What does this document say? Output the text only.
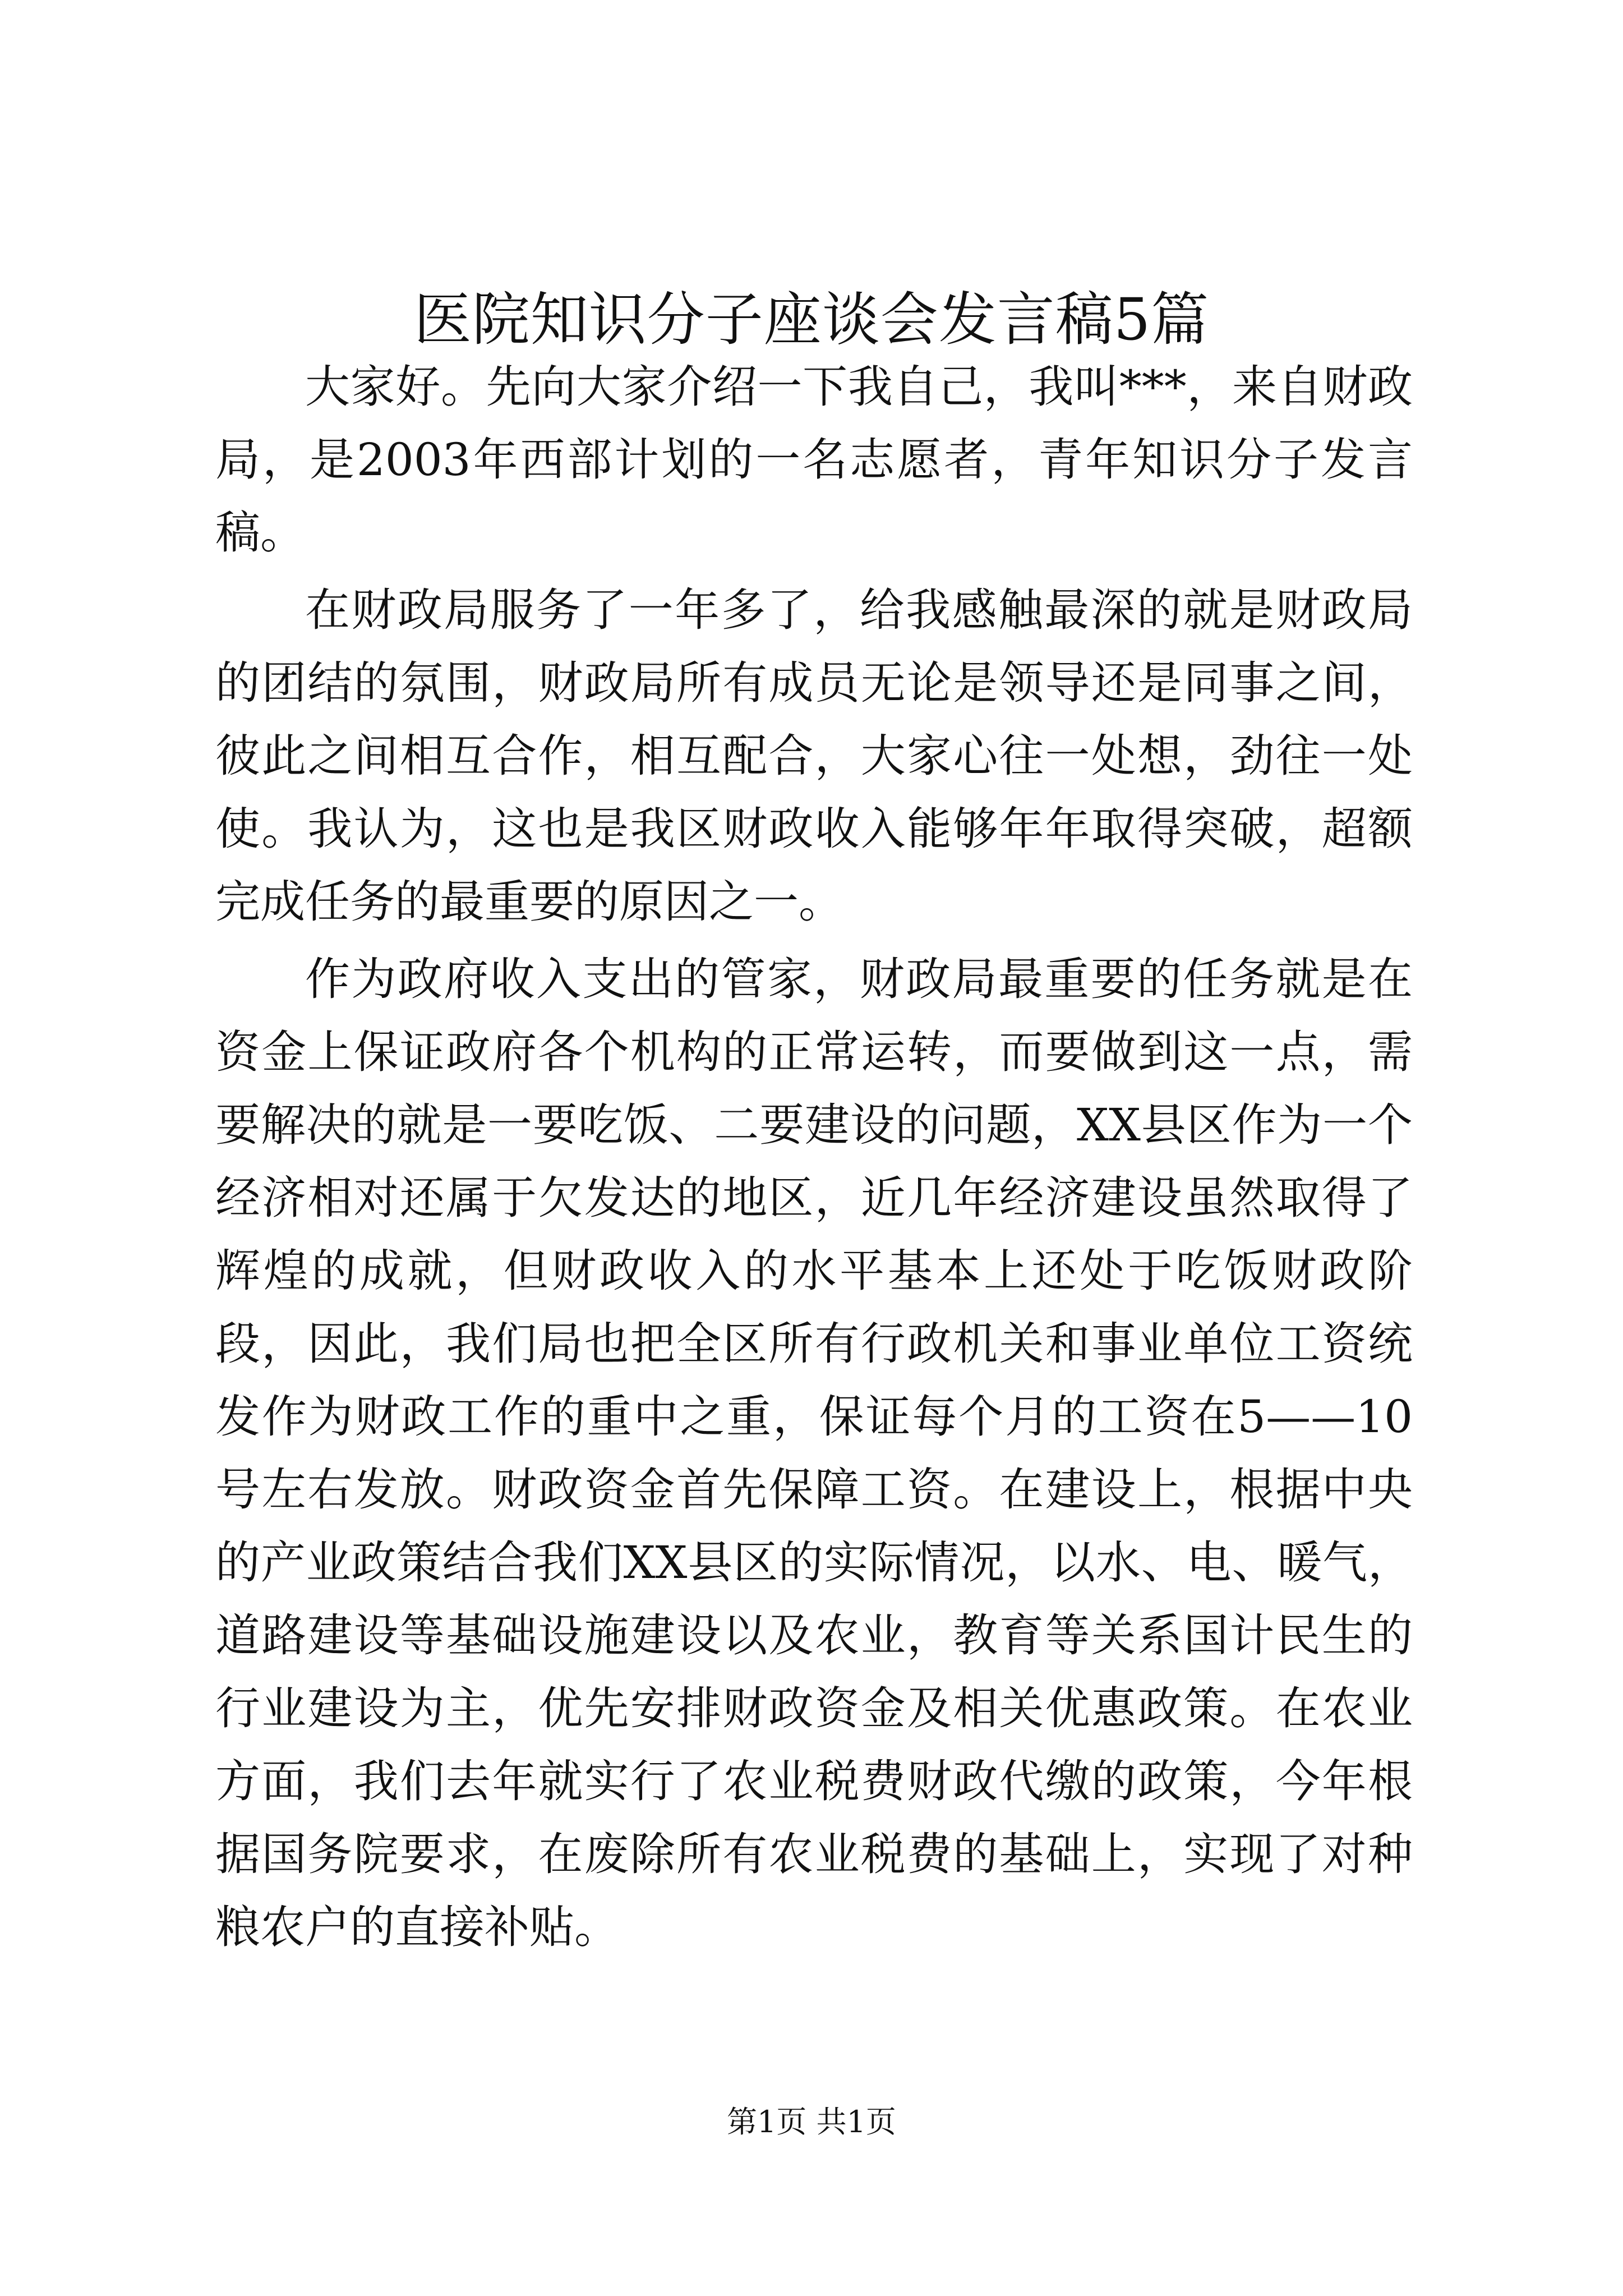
医院知识分子座谈会发言稿5篇

大家好。先向大家介绍一下我自己，我叫***，来自财政局，是2003年西部计划的一名志愿者，青年知识分子发言稿。

在财政局服务了一年多了，给我感触最深的就是财政局的团结的氛围，财政局所有成员无论是领导还是同事之间，彼此之间相互合作，相互配合，大家心往一处想，劲往一处使。我认为，这也是我区财政收入能够年年取得突破，超额完成任务的最重要的原因之一。

作为政府收入支出的管家，财政局最重要的任务就是在资金上保证政府各个机构的正常运转，而要做到这一点，需要解决的就是一要吃饭、二要建设的问题，XX县区作为一个经济相对还属于欠发达的地区，近几年经济建设虽然取得了辉煌的成就，但财政收入的水平基本上还处于吃饭财政阶段，因此，我们局也把全区所有行政机关和事业单位工资统发作为财政工作的重中之重，保证每个月的工资在5——10号左右发放。财政资金首先保障工资。在建设上，根据中央的产业政策结合我们XX县区的实际情况，以水、电、暖气，道路建设等基础设施建设以及农业，教育等关系国计民生的行业建设为主，优先安排财政资金及相关优惠政策。在农业方面，我们去年就实行了农业税费财政代缴的政策，今年根据国务院要求，在废除所有农业税费的基础上，实现了对种粮农户的直接补贴。

第1页 共1页
